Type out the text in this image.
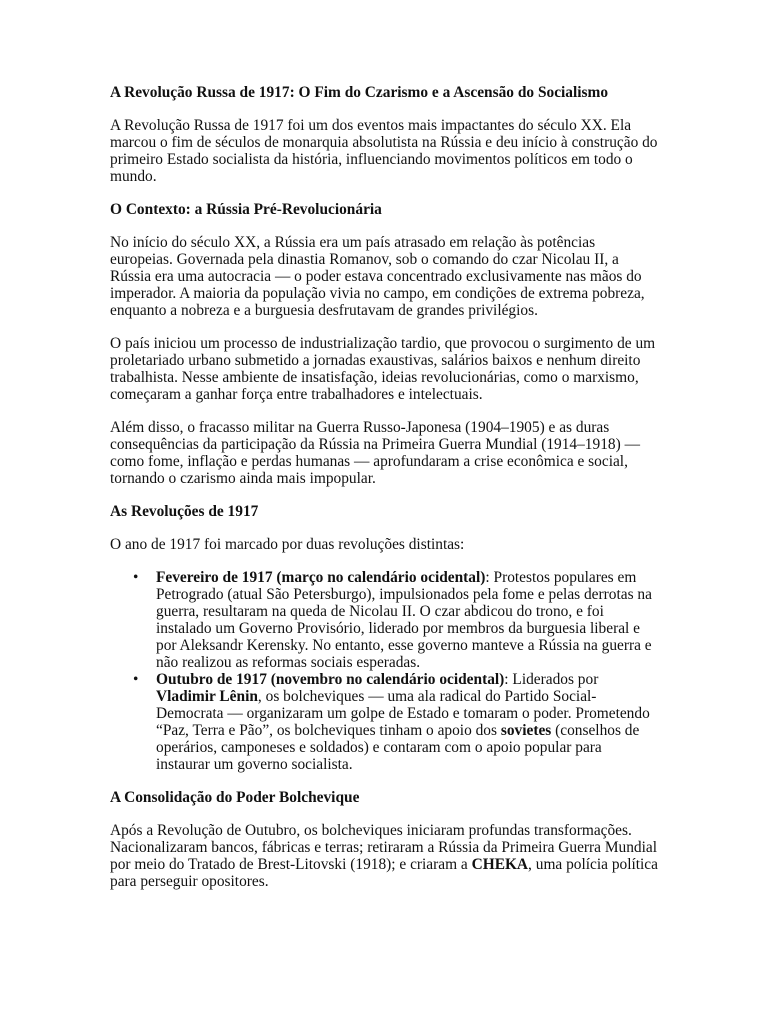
A Revolução Russa de 1917: O Fim do Czarismo e a Ascensão do Socialismo

A Revolução Russa de 1917 foi um dos eventos mais impactantes do século XX. Ela marcou o fim de séculos de monarquia absolutista na Rússia e deu início à construção do primeiro Estado socialista da história, influenciando movimentos políticos em todo o mundo.

O Contexto: a Rússia Pré-Revolucionária

No início do século XX, a Rússia era um país atrasado em relação às potências europeias. Governada pela dinastia Romanov, sob o comando do czar Nicolau II, a Rússia era uma autocracia — o poder estava concentrado exclusivamente nas mãos do imperador. A maioria da população vivia no campo, em condições de extrema pobreza, enquanto a nobreza e a burguesia desfrutavam de grandes privilégios.

O país iniciou um processo de industrialização tardio, que provocou o surgimento de um proletariado urbano submetido a jornadas exaustivas, salários baixos e nenhum direito trabalhista. Nesse ambiente de insatisfação, ideias revolucionárias, como o marxismo, começaram a ganhar força entre trabalhadores e intelectuais.

Além disso, o fracasso militar na Guerra Russo-Japonesa (1904–1905) e as duras consequências da participação da Rússia na Primeira Guerra Mundial (1914–1918) — como fome, inflação e perdas humanas — aprofundaram a crise econômica e social, tornando o czarismo ainda mais impopular.

As Revoluções de 1917

O ano de 1917 foi marcado por duas revoluções distintas:

• Fevereiro de 1917 (março no calendário ocidental): Protestos populares em Petrogrado (atual São Petersburgo), impulsionados pela fome e pelas derrotas na guerra, resultaram na queda de Nicolau II. O czar abdicou do trono, e foi instalado um Governo Provisório, liderado por membros da burguesia liberal e por Aleksandr Kerensky. No entanto, esse governo manteve a Rússia na guerra e não realizou as reformas sociais esperadas.
• Outubro de 1917 (novembro no calendário ocidental): Liderados por Vladimir Lênin, os bolcheviques — uma ala radical do Partido Social-Democrata — organizaram um golpe de Estado e tomaram o poder. Prometendo “Paz, Terra e Pão”, os bolcheviques tinham o apoio dos sovietes (conselhos de operários, camponeses e soldados) e contaram com o apoio popular para instaurar um governo socialista.
A Consolidação do Poder Bolchevique

Após a Revolução de Outubro, os bolcheviques iniciaram profundas transformações. Nacionalizaram bancos, fábricas e terras; retiraram a Rússia da Primeira Guerra Mundial por meio do Tratado de Brest-Litovski (1918); e criaram a CHEKA, uma polícia política para perseguir opositores.
